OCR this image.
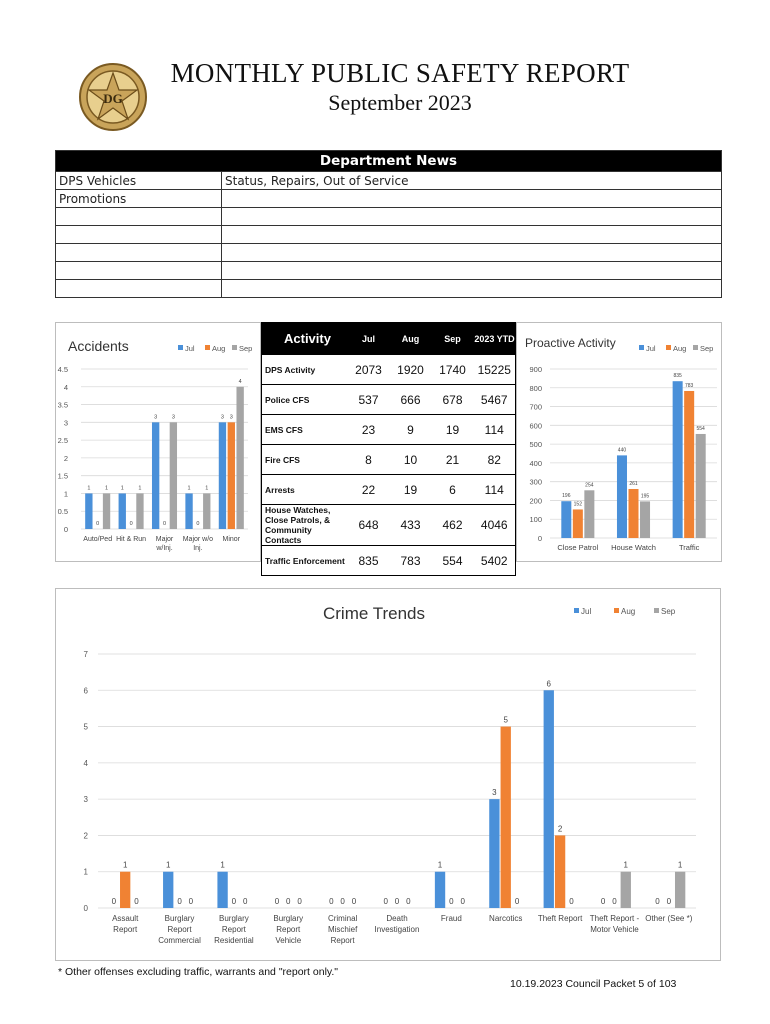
DG
MONTHLY PUBLIC SAFETY REPORT
September 2023
Department News	
DPS Vehicles	Status, Repairs, Out of Service
Promotions	

Accidents	Jul Aug Sep
0
0.5
1
1.5
2
2.5
3
3.5
4
4.5
1
0
1
Auto/Ped
1
0
1
Hit & Run
3
0
3
Major
w/Inj.
1
0
1
Major w/o
Inj.
3 3
4
Minor
Activity	Jul	Aug	Sep	2023 YTD
DPS Activity	2073	1920	1740	15225
Police CFS	537	666	678	5467
EMS CFS	23	9	19	114
Fire CFS	8	10	21	82
Arrests	22	19	6	114
House Watches, Close Patrols, & Community Contacts	648	433	462	4046
Traffic Enforcement	835	783	554	5402
Proactive Activity	Jul Aug Sep
0
100
200
300
400
500
600
700
800
900
196
152
254
Close Patrol
440
261
195
House Watch
835
783
554
Traffic
Crime Trends	Jul	Aug	Sep
0
1
2
3
4
5
6
7
0
1
0
Assault
Report
1
0 0
Burglary
Report
Commercial
1
0 0
Burglary
Report
Residential
0 0 0
Burglary
Report
Vehicle
0 0 0
Criminal
Mischief
Report
0 0 0
Death
Investigation
1
0 0
Fraud
3
5
0
Narcotics
6
2
0
Theft Report
0 0
1
Theft Report -
Motor Vehicle
0 0
1
Other (See *)
* Other offenses excluding traffic, warrants and "report only."
10.19.2023 Council Packet 5 of 103
